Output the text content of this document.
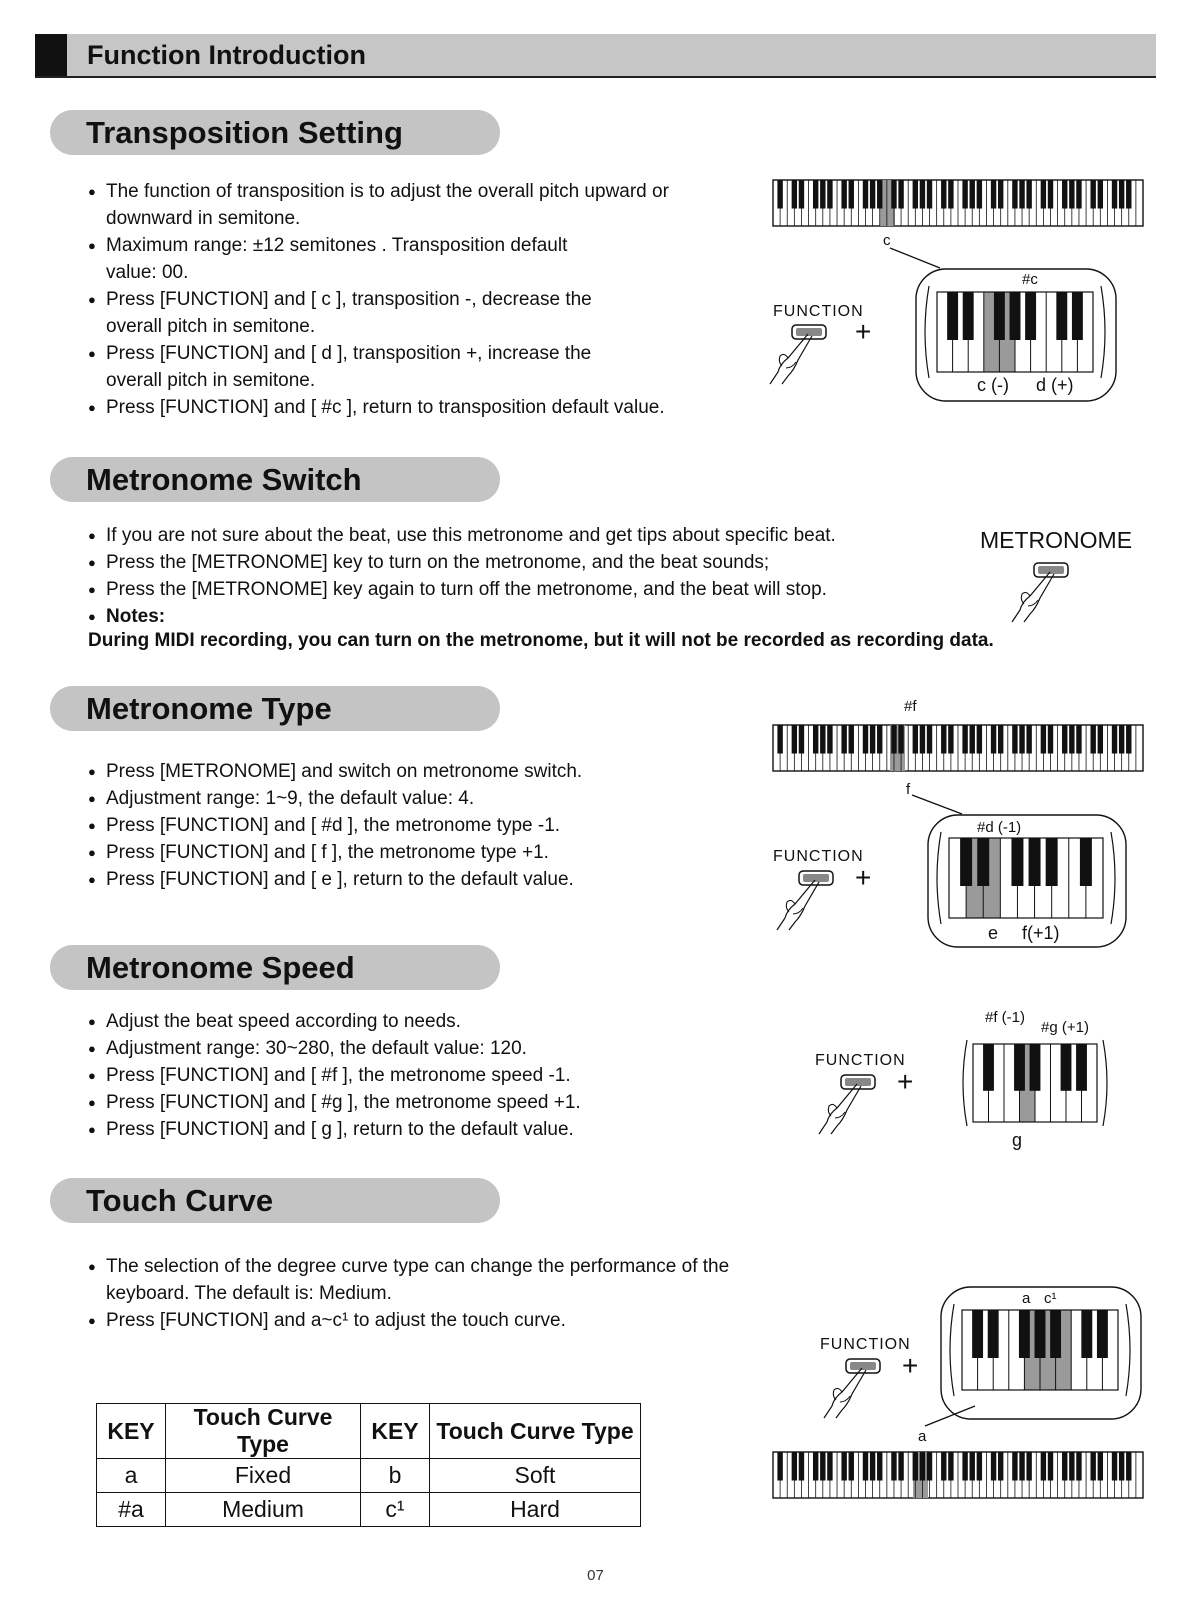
Function Introduction
Transposition Setting
● The function of transposition is to adjust the overall pitch upward or downward in semitone.
● Maximum range: ±12 semitones . Transposition default value: 00.
● Press [FUNCTION] and [ c ], transposition -, decrease the overall pitch in semitone.
● Press [FUNCTION] and [ d ], transposition +, increase the overall pitch in semitone.
● Press [FUNCTION] and [ #c ], return to transposition default value.
c
FUNCTION
+
#c
c (-) d (+)
Metronome Switch
● If you are not sure about the beat, use this metronome and get tips about specific beat.
● Press the [METRONOME] key to turn on the metronome, and the beat sounds;
● Press the [METRONOME] key again to turn off the metronome, and the beat will stop.
● Notes:
During MIDI recording, you can turn on the metronome, but it will not be recorded as recording data.
METRONOME
Metronome Type
● Press [METRONOME] and switch on metronome switch.
● Adjustment range: 1~9, the default value: 4.
● Press [FUNCTION] and [ #d ], the metronome type -1.
● Press [FUNCTION] and [ f ], the metronome type +1.
● Press [FUNCTION] and [ e ], return to the default value.
#f
f
FUNCTION
+
#d (-1)
e f(+1)
Metronome Speed
● Adjust the beat speed according to needs.
● Adjustment range: 30~280, the default value: 120.
● Press [FUNCTION] and [ #f ], the metronome speed -1.
● Press [FUNCTION] and [ #g ], the metronome speed +1.
● Press [FUNCTION] and [ g ], return to the default value.
FUNCTION
+
#f (-1)
#g (+1)
g
Touch Curve
● The selection of the degree curve type can change the performance of the keyboard. The default is: Medium.
● Press [FUNCTION] and a~c¹ to adjust the touch curve.
KEY	Touch Curve Type	KEY	Touch Curve Type
a	Fixed	b	Soft
#a	Medium	c¹	Hard
FUNCTION
+
a c¹
a
07
